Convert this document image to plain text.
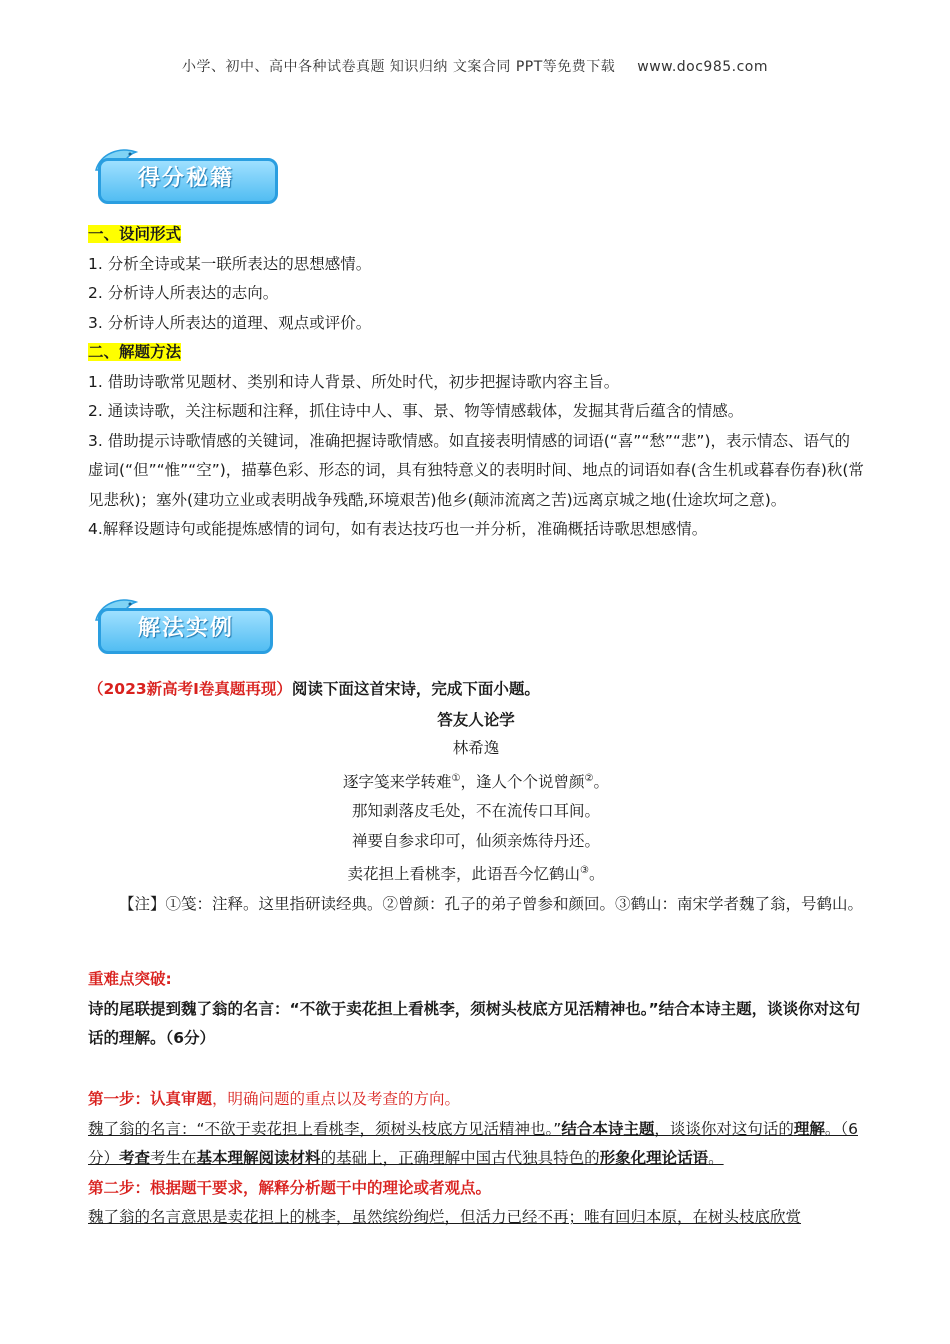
小学、初中、高中各种试卷真题 知识归纳 文案合同 PPT等免费下载 www.doc985.com
得分秘籍

一、设问形式

1. 分析全诗或某一联所表达的思想感情。

2. 分析诗人所表达的志向。

3. 分析诗人所表达的道理、观点或评价。

二、解题方法

1. 借助诗歌常见题材、类别和诗人背景、所处时代，初步把握诗歌内容主旨。

2. 通读诗歌，关注标题和注释，抓住诗中人、事、景、物等情感载体，发掘其背后蕴含的情感。

3. 借助提示诗歌情感的关键词，准确把握诗歌情感。如直接表明情感的词语(“喜”“愁”“悲”)，表示情态、语气的虚词(“但”“惟”“空”)，描摹色彩、形态的词，具有独特意义的表明时间、地点的词语如春(含生机或暮春伤春)秋(常见悲秋)；塞外(建功立业或表明战争残酷,环境艰苦)他乡(颠沛流离之苦)远离京城之地(仕途坎坷之意)。

4.解释设题诗句或能提炼感情的词句，如有表达技巧也一并分析，准确概括诗歌思想感情。

解法实例

（2023新高考I卷真题再现）阅读下面这首宋诗，完成下面小题。

答友人论学

林希逸

逐字笺来学转难①，逢人个个说曾颜②。

那知剥落皮毛处，不在流传口耳间。

禅要自参求印可，仙须亲炼待丹还。

卖花担上看桃李，此语吾今忆鹤山③。

【注】①笺：注释。这里指研读经典。②曾颜：孔子的弟子曾参和颜回。③鹤山：南宋学者魏了翁，号鹤山。

重难点突破:

诗的尾联提到魏了翁的名言：“不欲于卖花担上看桃李，须树头枝底方见活精神也。”结合本诗主题，谈谈你对这句话的理解。（6分）

第一步：认真审题，明确问题的重点以及考查的方向。

魏了翁的名言：“不欲于卖花担上看桃李，须树头枝底方见活精神也。”结合本诗主题，谈谈你对这句话的理解。（6分）考查考生在基本理解阅读材料的基础上，正确理解中国古代独具特色的形象化理论话语。

第二步：根据题干要求，解释分析题干中的理论或者观点。

魏了翁的名言意思是卖花担上的桃李，虽然缤纷绚烂，但活力已经不再；唯有回归本原，在树头枝底欣赏
